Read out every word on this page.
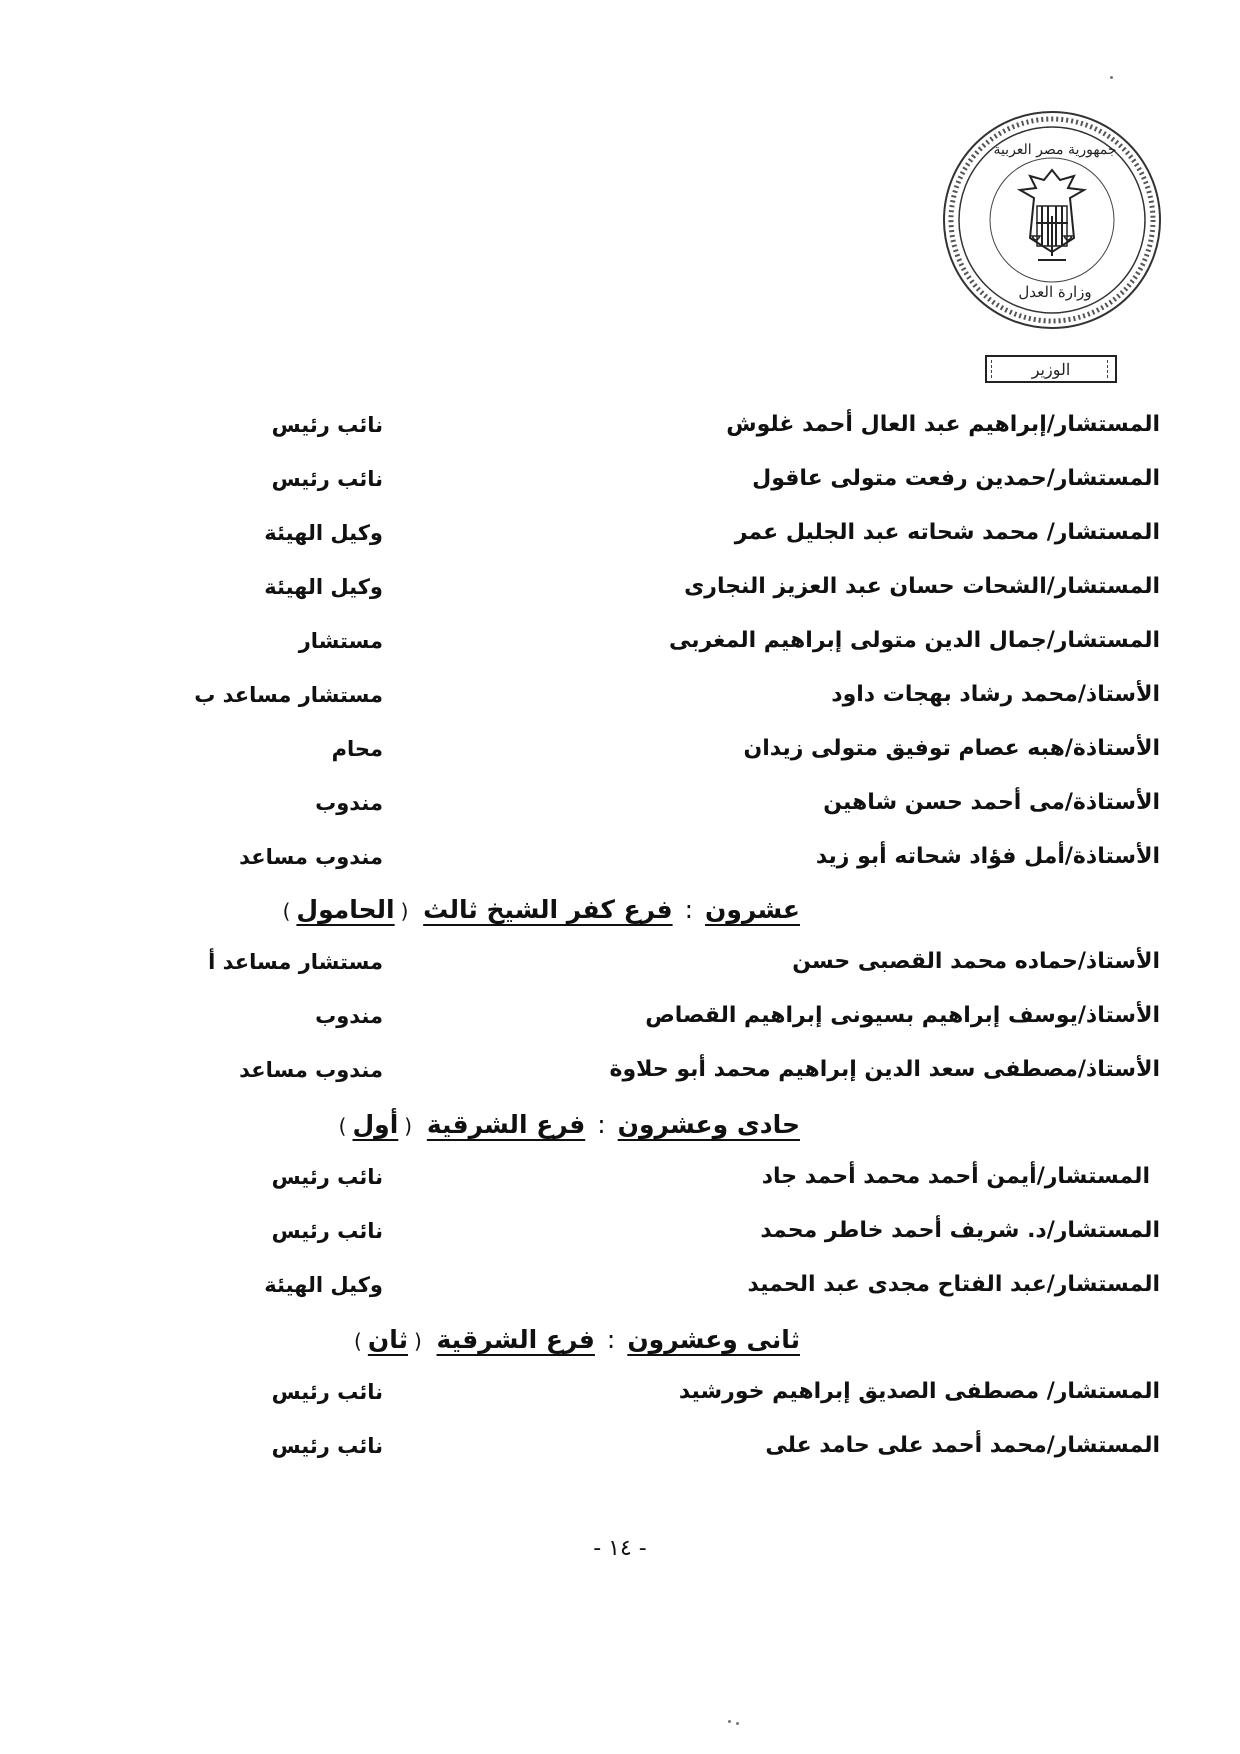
جمهورية مصر العربية
وزارة العدل
الوزير
المستشار/إبراهيم عبد العال أحمد غلوش
نائب رئيس
المستشار/حمدين رفعت متولى عاقول
نائب رئيس
المستشار/ محمد شحاته عبد الجليل عمر
وكيل الهيئة
المستشار/الشحات حسان عبد العزيز النجارى
وكيل الهيئة
المستشار/جمال الدين متولى إبراهيم المغربى
مستشار
الأستاذ/محمد رشاد بهجات داود
مستشار مساعد ب
الأستاذة/هبه عصام توفيق متولى زيدان
محام
الأستاذة/مى أحمد حسن شاهين
مندوب
الأستاذة/أمل فؤاد شحاته أبو زيد
مندوب مساعد
عشرون:فرع كفر الشيخ ثالث (الحامول)
الأستاذ/حماده محمد القصبى حسن
مستشار مساعد أ
الأستاذ/يوسف إبراهيم بسيونى إبراهيم القصاص
مندوب
الأستاذ/مصطفى سعد الدين إبراهيم محمد أبو حلاوة
مندوب مساعد
حادى وعشرون:فرع الشرقية (أول)
المستشار/أيمن أحمد محمد أحمد جاد
نائب رئيس
المستشار/د. شريف أحمد خاطر محمد
نائب رئيس
المستشار/عبد الفتاح مجدى عبد الحميد
وكيل الهيئة
ثانى وعشرون:فرع الشرقية (ثان)
المستشار/ مصطفى الصديق إبراهيم خورشيد
نائب رئيس
المستشار/محمد أحمد على حامد على
نائب رئيس
- ١٤ -
